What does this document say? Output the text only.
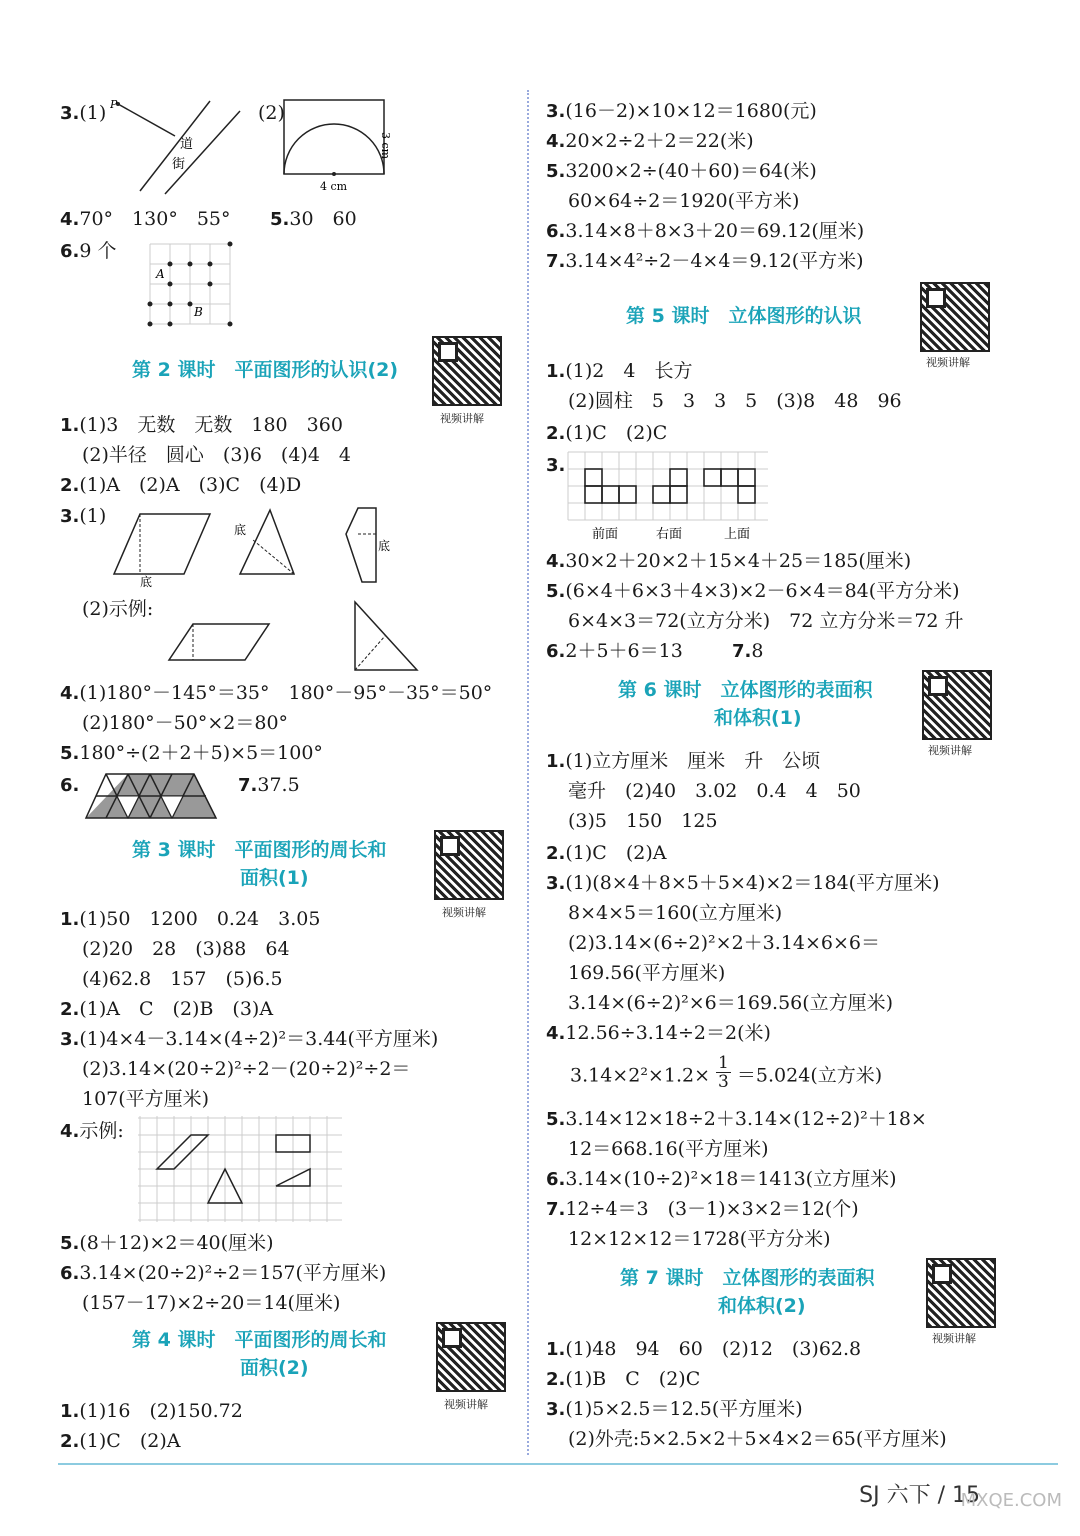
3.(1) P
道
街
(2)
3 cm
4 cm
4.70°　130°　55° 5.30　60
6.9 个
A
B
第 2 课时　平面图形的认识(2)
视频讲解
1.(1)3　无数　无数　180　360
(2)半径　圆心　(3)6　(4)4　4
2.(1)A　(2)A　(3)C　(4)D
3.(1)
底
底
底
(2)示例:
4.(1)180°－145°＝35°　180°－95°－35°＝50°
(2)180°－50°×2＝80°
5.180°÷(2＋2＋5)×5＝100°
6.	7.37.5
第 3 课时　平面图形的周长和
面积(1)
视频讲解
1.(1)50　1200　0.24　3.05
(2)20　28　(3)88　64
(4)62.8　157　(5)6.5
2.(1)A　C　(2)B　(3)A
3.(1)4×4－3.14×(4÷2)²＝3.44(平方厘米)
(2)3.14×(20÷2)²÷2－(20÷2)²÷2＝
107(平方厘米)
4.示例:
5.(8＋12)×2＝40(厘米)
6.3.14×(20÷2)²÷2＝157(平方厘米)
(157－17)×2÷20＝14(厘米)
第 4 课时　平面图形的周长和
面积(2)
视频讲解
1.(1)16　(2)150.72
2.(1)C　(2)A
3.(16－2)×10×12＝1680(元)
4.20×2÷2＋2＝22(米)
5.3200×2÷(40＋60)＝64(米)
60×64÷2＝1920(平方米)
6.3.14×8＋8×3＋20＝69.12(厘米)
7.3.14×4²÷2－4×4＝9.12(平方米)
第 5 课时　立体图形的认识
视频讲解
1.(1)2　4　长方
(2)圆柱　5　3　3　5　(3)8　48　96
2.(1)C　(2)C
3.
前面	右面	上面
4.30×2＋20×2＋15×4＋25＝185(厘米)
5.(6×4＋6×3＋4×3)×2－6×4＝84(平方分米)
6×4×3＝72(立方分米)　72 立方分米＝72 升
6.2＋5＋6＝13	7.8
第 6 课时　立体图形的表面积
和体积(1)
视频讲解
1.(1)立方厘米　厘米　升　公顷
毫升　(2)40　3.02　0.4　4　50
(3)5　150　125
2.(1)C　(2)A
3.(1)(8×4＋8×5＋5×4)×2＝184(平方厘米)
8×4×5＝160(立方厘米)
(2)3.14×(6÷2)²×2＋3.14×6×6＝
169.56(平方厘米)
3.14×(6÷2)²×6＝169.56(立方厘米)
4.12.56÷3.14÷2＝2(米)
$3.14\times 2^2\times 1.2\times \frac{1}{3} =5.024$(立方米)
5.3.14×12×18÷2＋3.14×(12÷2)²＋18×
12＝668.16(平方厘米)
6.3.14×(10÷2)²×18＝1413(立方厘米)
7.12÷4＝3　(3－1)×3×2＝12(个)
12×12×12＝1728(平方分米)
第 7 课时　立体图形的表面积
和体积(2)
视频讲解
1.(1)48　94　60　(2)12　(3)62.8
2.(1)B　C　(2)C
3.(1)5×2.5＝12.5(平方厘米)
(2)外壳:5×2.5×2＋5×4×2＝65(平方厘米)
SJ 六下 / 15
MXQE.COM
